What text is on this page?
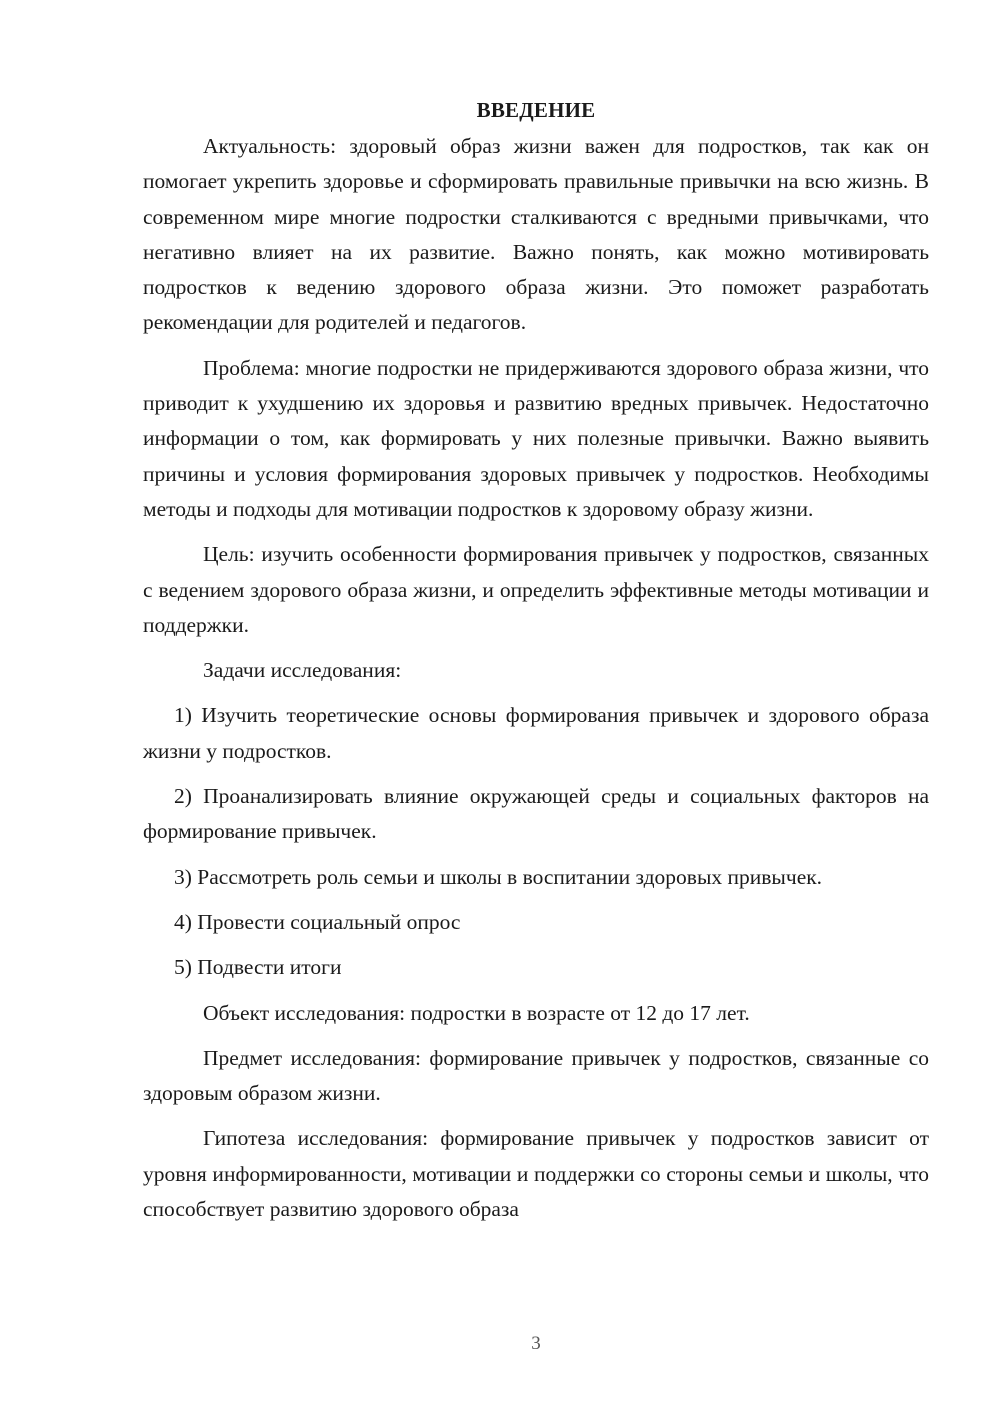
ВВЕДЕНИЕ

Актуальность: здоровый образ жизни важен для подростков, так как он помогает укрепить здоровье и сформировать правильные привычки на всю жизнь. В современном мире многие подростки сталкиваются с вредными привычками, что негативно влияет на их развитие. Важно понять, как можно мотивировать подростков к ведению здорового образа жизни. Это поможет разработать рекомендации для родителей и педагогов.

Проблема: многие подростки не придерживаются здорового образа жизни, что приводит к ухудшению их здоровья и развитию вредных привычек. Недостаточно информации о том, как формировать у них полезные привычки. Важно выявить причины и условия формирования здоровых привычек у подростков. Необходимы методы и подходы для мотивации подростков к здоровому образу жизни.

Цель: изучить особенности формирования привычек у подростков, связанных с ведением здорового образа жизни, и определить эффективные методы мотивации и поддержки.

Задачи исследования:

1) Изучить теоретические основы формирования привычек и здорового образа жизни у подростков.

2) Проанализировать влияние окружающей среды и социальных факторов на формирование привычек.

3) Рассмотреть роль семьи и школы в воспитании здоровых привычек.

4) Провести социальный опрос

5) Подвести итоги

Объект исследования: подростки в возрасте от 12 до 17 лет.

Предмет исследования: формирование привычек у подростков, связанные со здоровым образом жизни.

Гипотеза исследования: формирование привычек у подростков зависит от уровня информированности, мотивации и поддержки со стороны семьи и школы, что способствует развитию здорового образа

3
